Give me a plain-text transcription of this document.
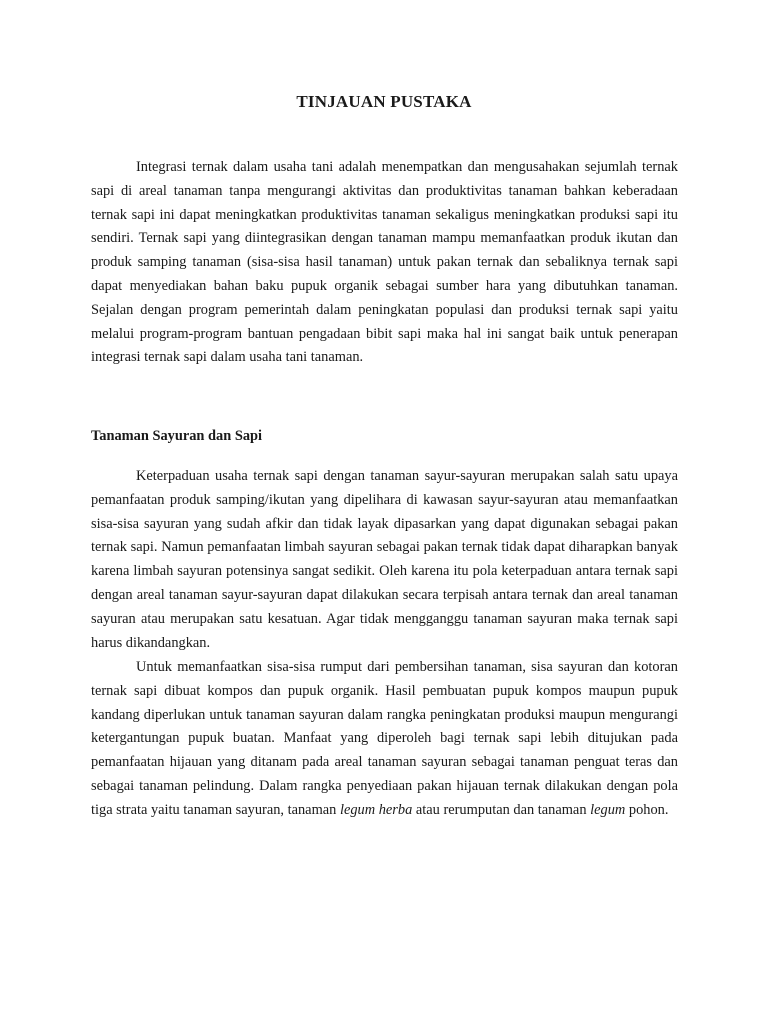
TINJAUAN PUSTAKA

Integrasi ternak dalam usaha tani adalah menempatkan dan mengusahakan sejumlah ternak sapi di areal tanaman tanpa mengurangi aktivitas dan produktivitas tanaman bahkan keberadaan ternak sapi ini dapat meningkatkan produktivitas tanaman sekaligus meningkatkan produksi sapi itu sendiri. Ternak sapi yang diintegrasikan dengan tanaman mampu memanfaatkan produk ikutan dan produk samping tanaman (sisa-sisa hasil tanaman) untuk pakan ternak dan sebaliknya ternak sapi dapat menyediakan bahan baku pupuk organik sebagai sumber hara yang dibutuhkan tanaman. Sejalan dengan program pemerintah dalam peningkatan populasi dan produksi ternak sapi yaitu melalui program-program bantuan pengadaan bibit sapi maka hal ini sangat baik untuk penerapan integrasi ternak sapi dalam usaha tani tanaman.

Tanaman Sayuran dan Sapi

Keterpaduan usaha ternak sapi dengan tanaman sayur-sayuran merupakan salah satu upaya pemanfaatan produk samping/ikutan yang dipelihara di kawasan sayur-sayuran atau memanfaatkan sisa-sisa sayuran yang sudah afkir dan tidak layak dipasarkan yang dapat digunakan sebagai pakan ternak sapi. Namun pemanfaatan limbah sayuran sebagai pakan ternak tidak dapat diharapkan banyak karena limbah sayuran potensinya sangat sedikit. Oleh karena itu pola keterpaduan antara ternak sapi dengan areal tanaman sayur-sayuran dapat dilakukan secara terpisah antara ternak dan areal tanaman sayuran atau merupakan satu kesatuan. Agar tidak mengganggu tanaman sayuran maka ternak sapi harus dikandangkan.

Untuk memanfaatkan sisa-sisa rumput dari pembersihan tanaman, sisa sayuran dan kotoran ternak sapi dibuat kompos dan pupuk organik. Hasil pembuatan pupuk kompos maupun pupuk kandang diperlukan untuk tanaman sayuran dalam rangka peningkatan produksi maupun mengurangi ketergantungan pupuk buatan. Manfaat yang diperoleh bagi ternak sapi lebih ditujukan pada pemanfaatan hijauan yang ditanam pada areal tanaman sayuran sebagai tanaman penguat teras dan sebagai tanaman pelindung. Dalam rangka penyediaan pakan hijauan ternak dilakukan dengan pola tiga strata yaitu tanaman sayuran, tanaman legum herba atau rerumputan dan tanaman legum pohon.
